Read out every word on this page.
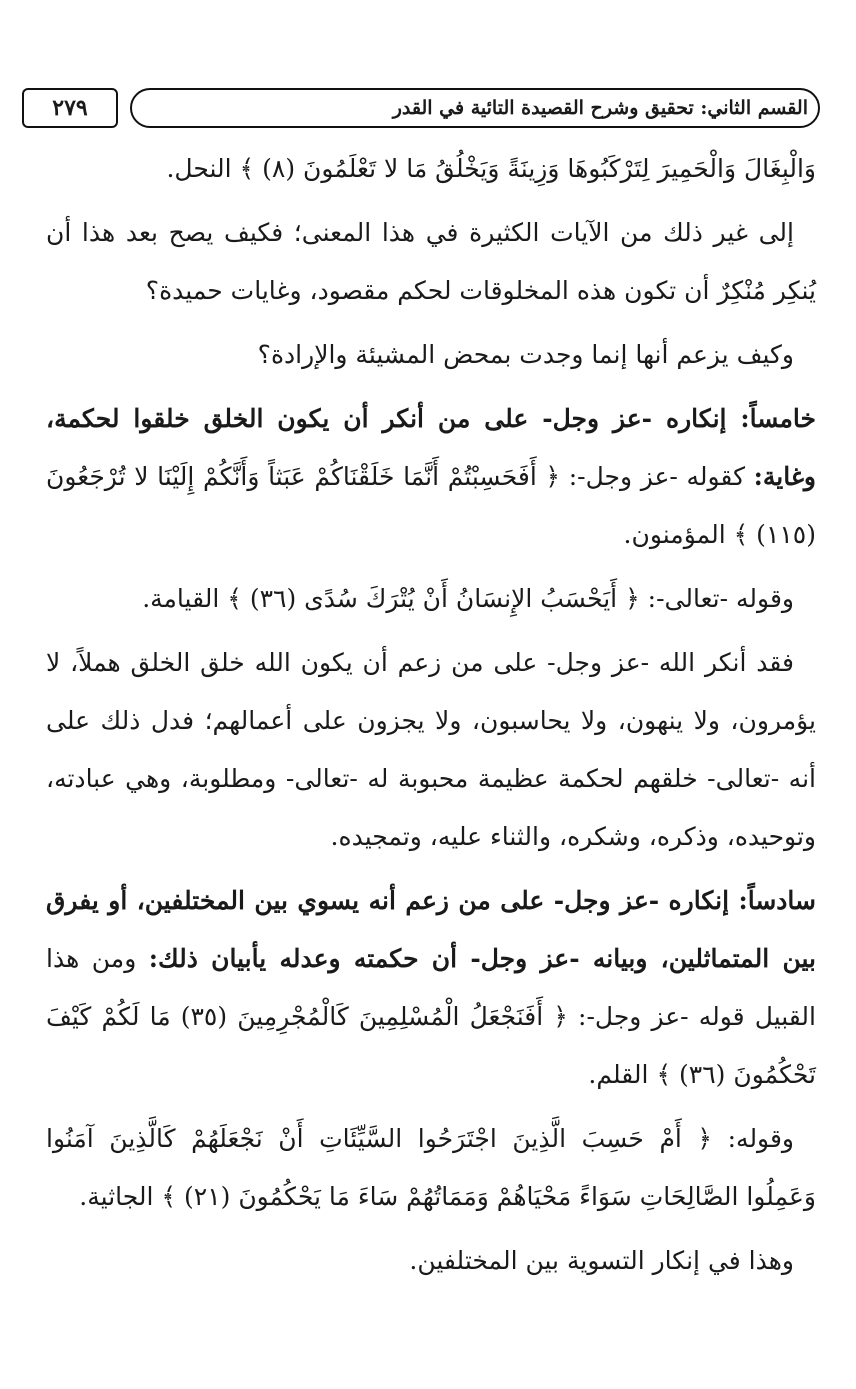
٢٧٩	القسم الثاني: تحقيق وشرح القصيدة التائية في القدر

وَالْبِغَالَ وَالْحَمِيرَ لِتَرْكَبُوهَا وَزِينَةً وَيَخْلُقُ مَا لا تَعْلَمُونَ (٨) ﴾ النحل.

إلى غير ذلك من الآيات الكثيرة في هذا المعنى؛ فكيف يصح بعد هذا أن يُنكِر مُنْكِرٌ أن تكون هذه المخلوقات لحكم مقصود، وغايات حميدة؟

وكيف يزعم أنها إنما وجدت بمحض المشيئة والإرادة؟

خامساً: إنكاره -عز وجل- على من أنكر أن يكون الخلق خلقوا لحكمة، وغاية: كقوله -عز وجل-: ﴿ أَفَحَسِبْتُمْ أَنَّمَا خَلَقْنَاكُمْ عَبَثاً وَأَنَّكُمْ إِلَيْنَا لا تُرْجَعُونَ (١١٥) ﴾ المؤمنون.

وقوله -تعالى-: ﴿ أَيَحْسَبُ الإِنسَانُ أَنْ يُتْرَكَ سُدًى (٣٦) ﴾ القيامة.

فقد أنكر الله -عز وجل- على من زعم أن يكون الله خلق الخلق هملاً، لا يؤمرون، ولا ينهون، ولا يحاسبون، ولا يجزون على أعمالهم؛ فدل ذلك على أنه -تعالى- خلقهم لحكمة عظيمة محبوبة له -تعالى- ومطلوبة، وهي عبادته، وتوحيده، وذكره، وشكره، والثناء عليه، وتمجيده.

سادساً: إنكاره -عز وجل- على من زعم أنه يسوي بين المختلفين، أو يفرق بين المتماثلين، وبيانه -عز وجل- أن حكمته وعدله يأبيان ذلك: ومن هذا القبيل قوله -عز وجل-: ﴿ أَفَنَجْعَلُ الْمُسْلِمِينَ كَالْمُجْرِمِينَ (٣٥) مَا لَكُمْ كَيْفَ تَحْكُمُونَ (٣٦) ﴾ القلم.

وقوله: ﴿ أَمْ حَسِبَ الَّذِينَ اجْتَرَحُوا السَّيِّئَاتِ أَنْ نَجْعَلَهُمْ كَالَّذِينَ آمَنُوا وَعَمِلُوا الصَّالِحَاتِ سَوَاءً مَحْيَاهُمْ وَمَمَاتُهُمْ سَاءَ مَا يَحْكُمُونَ (٢١) ﴾ الجاثية.

وهذا في إنكار التسوية بين المختلفين.
